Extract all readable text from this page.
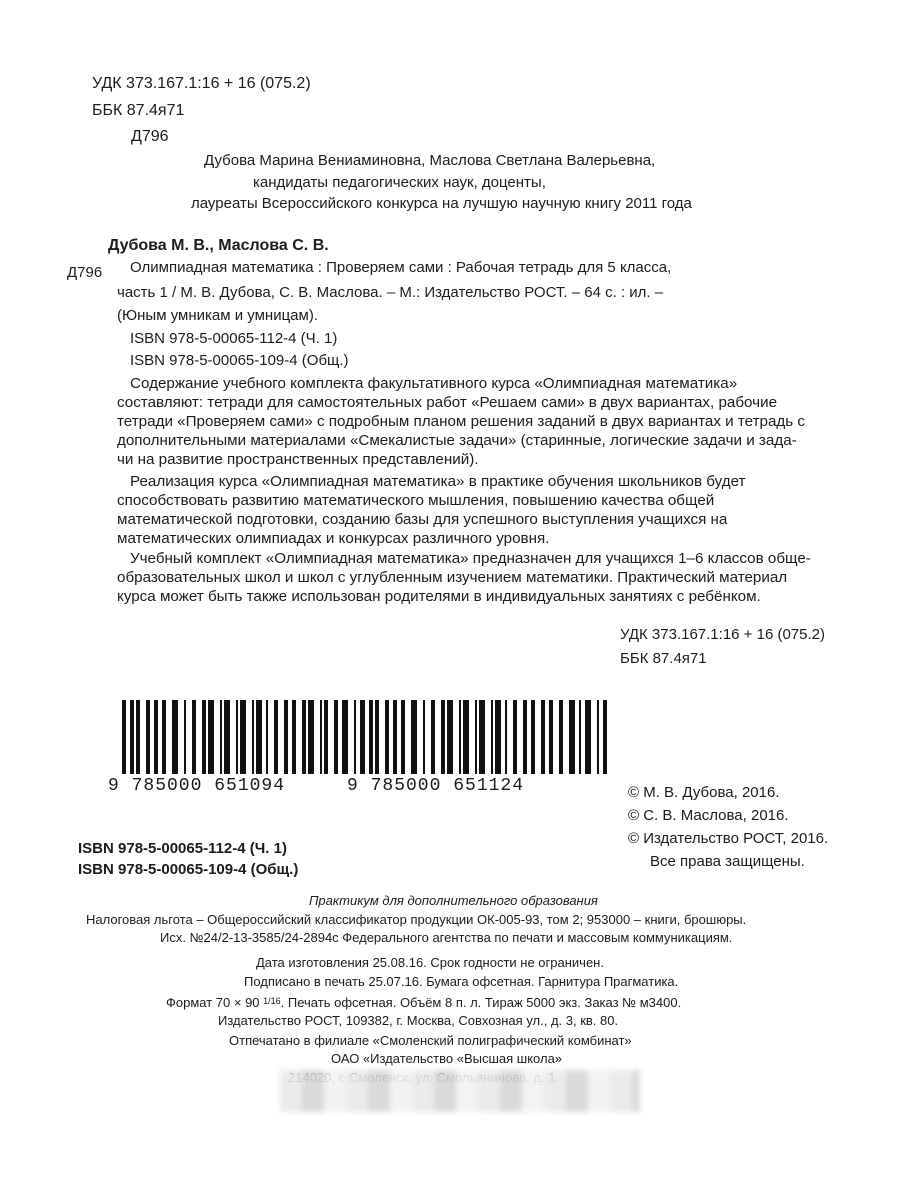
УДК 373.167.1:16 + 16 (075.2)
ББК 87.4я71
Д796
Дубова Марина Вениаминовна, Маслова Светлана Валерьевна,
кандидаты педагогических наук, доценты,
лауреаты Всероссийского конкурса на лучшую научную книгу 2011 года
Дубова М. В., Маслова С. В.
Д796 Олимпиадная математика : Проверяем сами : Рабочая тетрадь для 5 класса,
часть 1 / М. В. Дубова, С. В. Маслова. – М.: Издательство РОСТ. – 64 с. : ил. –
(Юным умникам и умницам).
ISBN 978-5-00065-112-4 (Ч. 1)
ISBN 978-5-00065-109-4 (Общ.)
Содержание учебного комплекта факультативного курса «Олимпиадная математика»
составляют: тетради для самостоятельных работ «Решаем сами» в двух вариантах, рабочие
тетради «Проверяем сами» с подробным планом решения заданий в двух вариантах и тетрадь с
дополнительными материалами «Смекалистые задачи» (старинные, логические задачи и зада-
чи на развитие пространственных представлений).
Реализация курса «Олимпиадная математика» в практике обучения школьников будет
способствовать развитию математического мышления, повышению качества общей
математической подготовки, созданию базы для успешного выступления учащихся на
математических олимпиадах и конкурсах различного уровня.
Учебный комплект «Олимпиадная математика» предназначен для учащихся 1–6 классов обще-
образовательных школ и школ с углубленным изучением математики. Практический материал
курса может быть также использован родителями в индивидуальных занятиях с ребёнком.
УДК 373.167.1:16 + 16 (075.2)
ББК 87.4я71
9 785000 651094	9 785000 651124	© М. В. Дубова, 2016.
© С. В. Маслова, 2016.
© Издательство РОСТ, 2016.
Все права защищены.
ISBN 978-5-00065-112-4 (Ч. 1)
ISBN 978-5-00065-109-4 (Общ.)
Практикум для дополнительного образования
Налоговая льгота – Общероссийский классификатор продукции ОК-005-93, том 2; 953000 – книги, брошюры.
Исх. №24/2-13-3585/24-2894с Федерального агентства по печати и массовым коммуникациям.
Дата изготовления 25.08.16. Срок годности не ограничен.
Подписано в печать 25.07.16. Бумага офсетная. Гарнитура Прагматика.
Формат 70 × 90 $^{1/16}$. Печать офсетная. Объём 8 п. л. Тираж 5000 экз. Заказ № м3400.
Издательство РОСТ, 109382, г. Москва, Совхозная ул., д. 3, кв. 80.
Отпечатано в филиале «Смоленский полиграфический комбинат»
ОАО «Издательство «Высшая школа»
